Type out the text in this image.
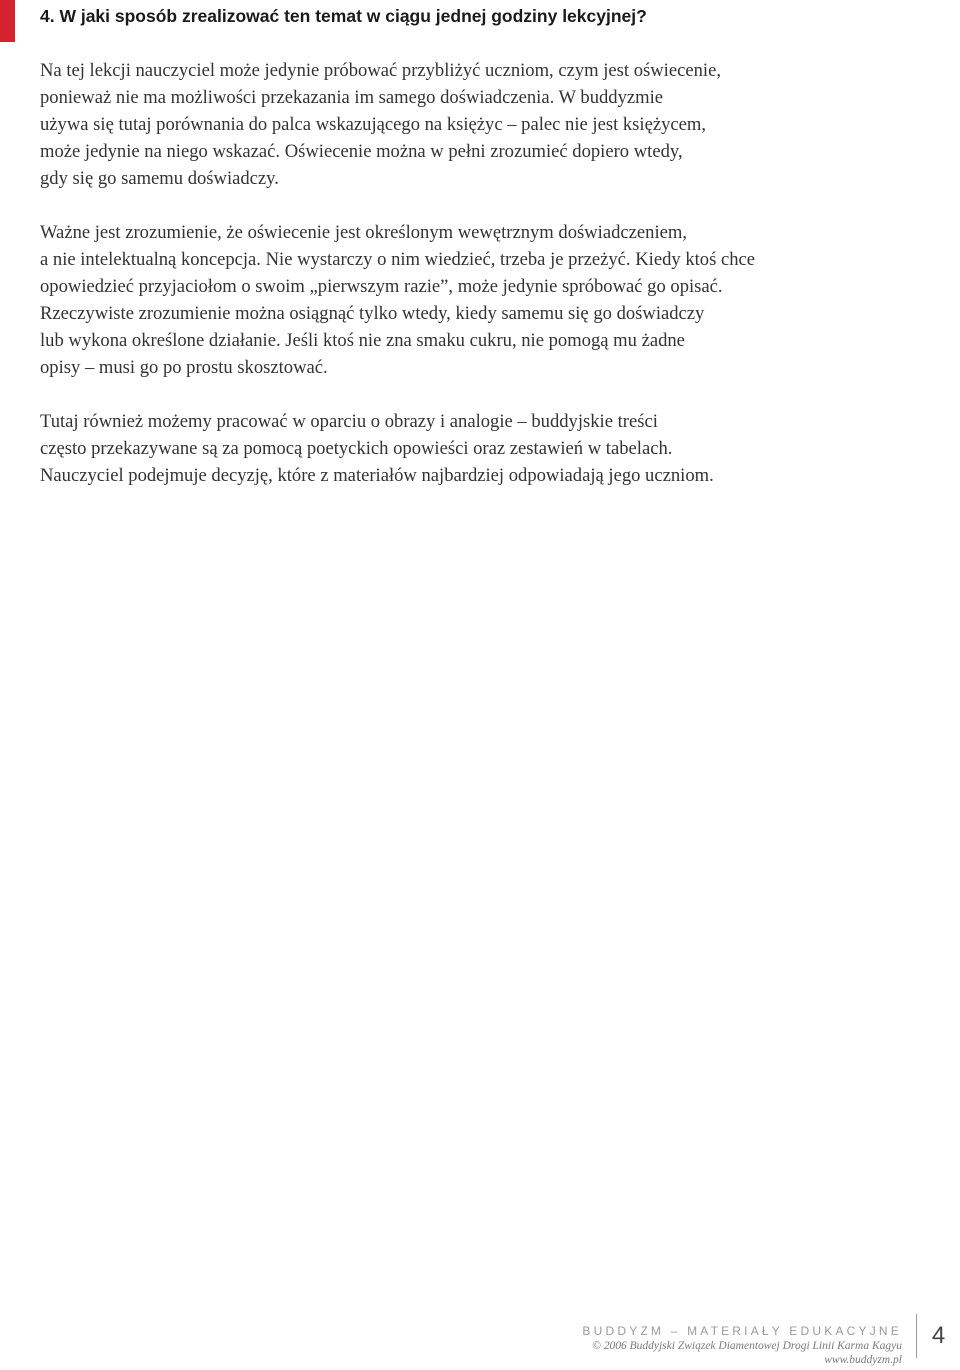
4. W jaki sposób zrealizować ten temat w ciągu jednej godziny lekcyjnej?

Na tej lekcji nauczyciel może jedynie próbować przybliżyć uczniom, czym jest oświecenie,
ponieważ nie ma możliwości przekazania im samego doświadczenia. W buddyzmie
używa się tutaj porównania do palca wskazującego na księżyc – palec nie jest księżycem,
może jedynie na niego wskazać. Oświecenie można w pełni zrozumieć dopiero wtedy,
gdy się go samemu doświadczy.

Ważne jest zrozumienie, że oświecenie jest określonym wewętrznym doświadczeniem,
a nie intelektualną koncepcja. Nie wystarczy o nim wiedzieć, trzeba je przeżyć. Kiedy ktoś chce
opowiedzieć przyjaciołom o swoim „pierwszym razie”, może jedynie spróbować go opisać.
Rzeczywiste zrozumienie można osiągnąć tylko wtedy, kiedy samemu się go doświadczy
lub wykona określone działanie. Jeśli ktoś nie zna smaku cukru, nie pomogą mu żadne
opisy – musi go po prostu skosztować.

Tutaj również możemy pracować w oparciu o obrazy i analogie – buddyjskie treści
często przekazywane są za pomocą poetyckich opowieści oraz zestawień w tabelach.
Nauczyciel podejmuje decyzję, które z materiałów najbardziej odpowiadają jego uczniom.

BUDDYZM – MATERIAŁY EDUKACYJNE
© 2006 Buddyjski Związek Diamentowej Drogi Linii Karma Kagyu
www.buddyzm.pl
4
